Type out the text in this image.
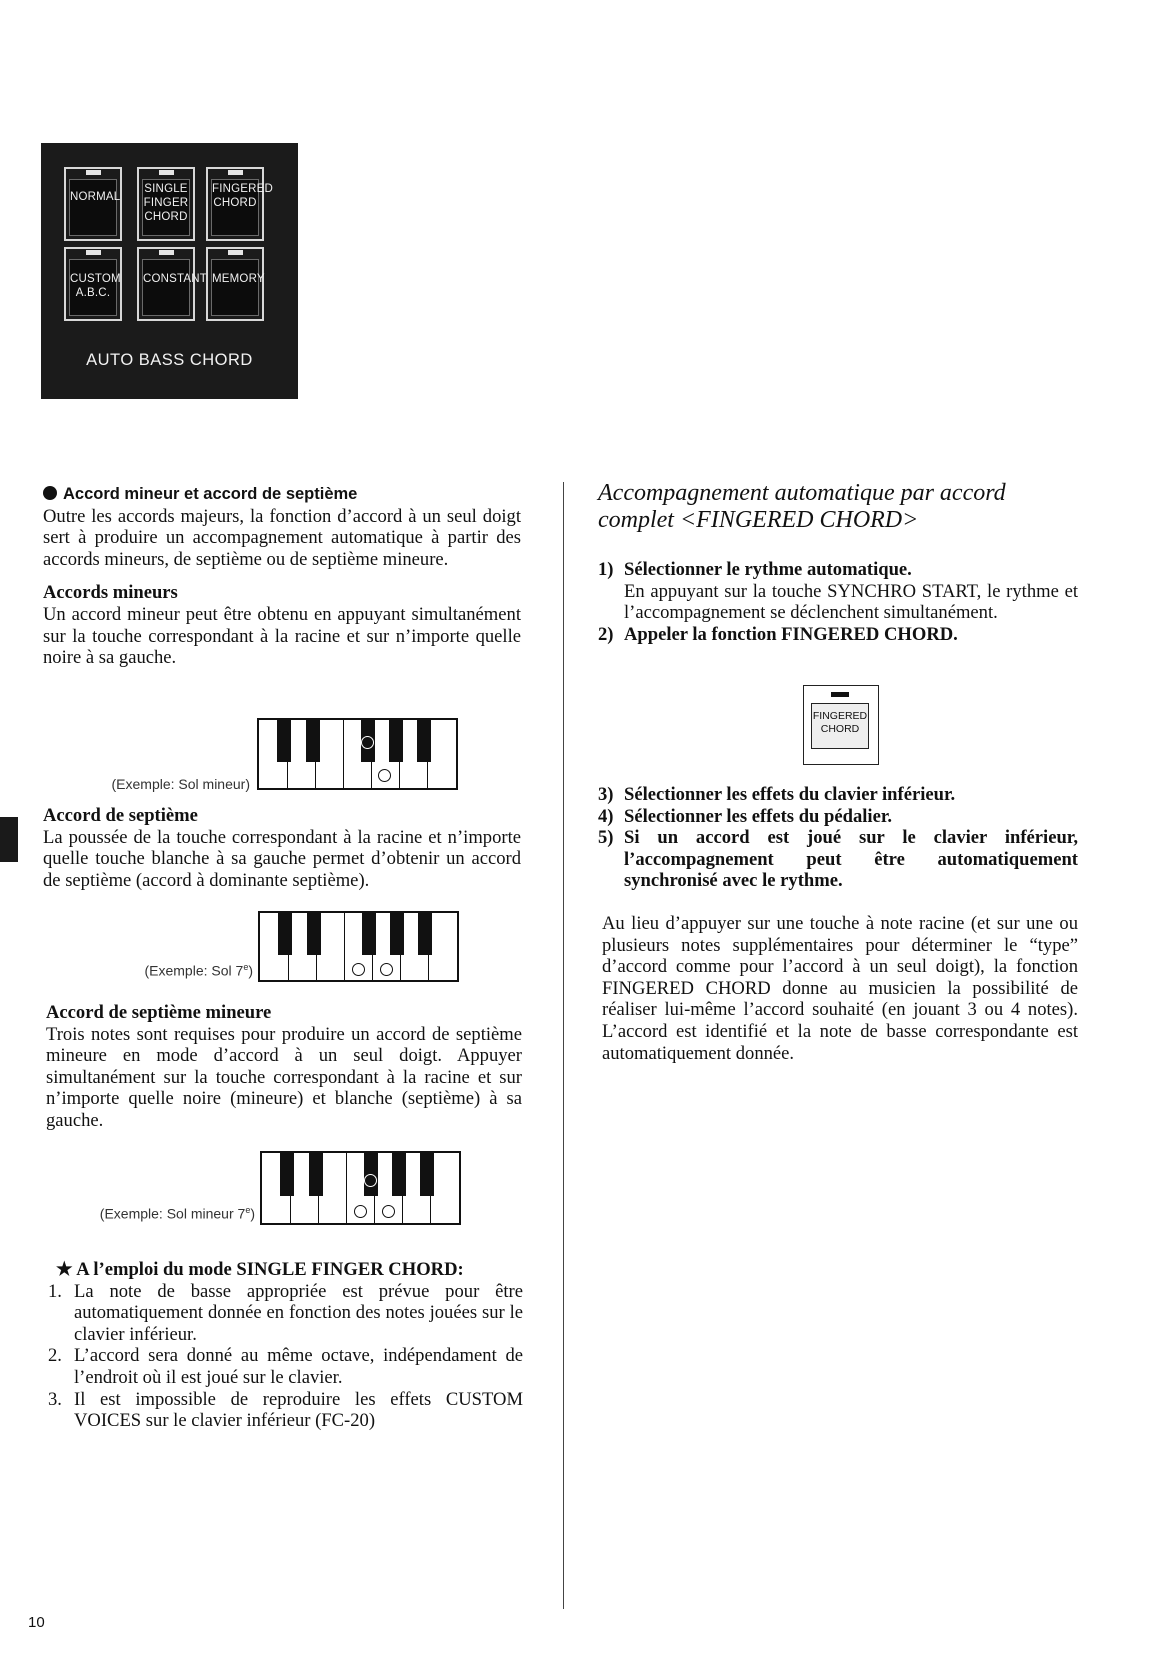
NORMAL
SINGLE
FINGER
CHORD
FINGERED
CHORD
CUSTOM
A.B.C.
CONSTANT MEMORY
AUTO BASS CHORD

Accord mineur et accord de septième

Outre les accords majeurs, la fonction d’accord à un seul doigt sert à produire un accompagnement automatique à partir des accords mineurs, de septième ou de septième mineure.

Accords mineurs

Un accord mineur peut être obtenu en appuyant simultanément sur la touche correspondant à la racine et sur n’importe quelle noire à sa gauche.

(Exemple: Sol mineur)

Accord de septième

La poussée de la touche correspondant à la racine et n’importe quelle touche blanche à sa gauche permet d’obtenir un accord de septième (accord à dominante septième).

(Exemple: Sol 7e)

Accord de septième mineure

Trois notes sont requises pour produire un accord de septième mineure en mode d’accord à un seul doigt. Appuyer simultanément sur la touche correspondant à la racine et sur n’importe quelle noire (mineure) et blanche (septième) à sa gauche.

(Exemple: Sol mineur 7e)

★ A l’emploi du mode SINGLE FINGER CHORD:

1. La note de basse appropriée est prévue pour être automatiquement donnée en fonction des notes jouées sur le clavier inférieur.
2. L’accord sera donné au même octave, indépendament de l’endroit où il est joué sur le clavier.
3. Il est impossible de reproduire les effets CUSTOM VOICES sur le clavier inférieur (FC-20)
Accompagnement automatique par accord complet <FINGERED CHORD>
1) Sélectionner le rythme automatique.

En appuyant sur la touche SYNCHRO START, le rythme et l’accompagnement se déclenchent simultanément.
2) Appeler la fonction FINGERED CHORD.
FINGERED
CHORD
3) Sélectionner les effets du clavier inférieur.
4) Sélectionner les effets du pédalier.
5) Si un accord est joué sur le clavier inférieur, l’accompagnement peut être automatiquement synchronisé avec le rythme.
Au lieu d’appuyer sur une touche à note racine (et sur une ou plusieurs notes supplémentaires pour déterminer le “type” d’accord comme pour l’accord à un seul doigt), la fonction FINGERED CHORD donne au musicien la possibilité de réaliser lui-même l’accord souhaité (en jouant 3 ou 4 notes). L’accord est identifié et la note de basse correspondante est automatiquement donnée.
10
